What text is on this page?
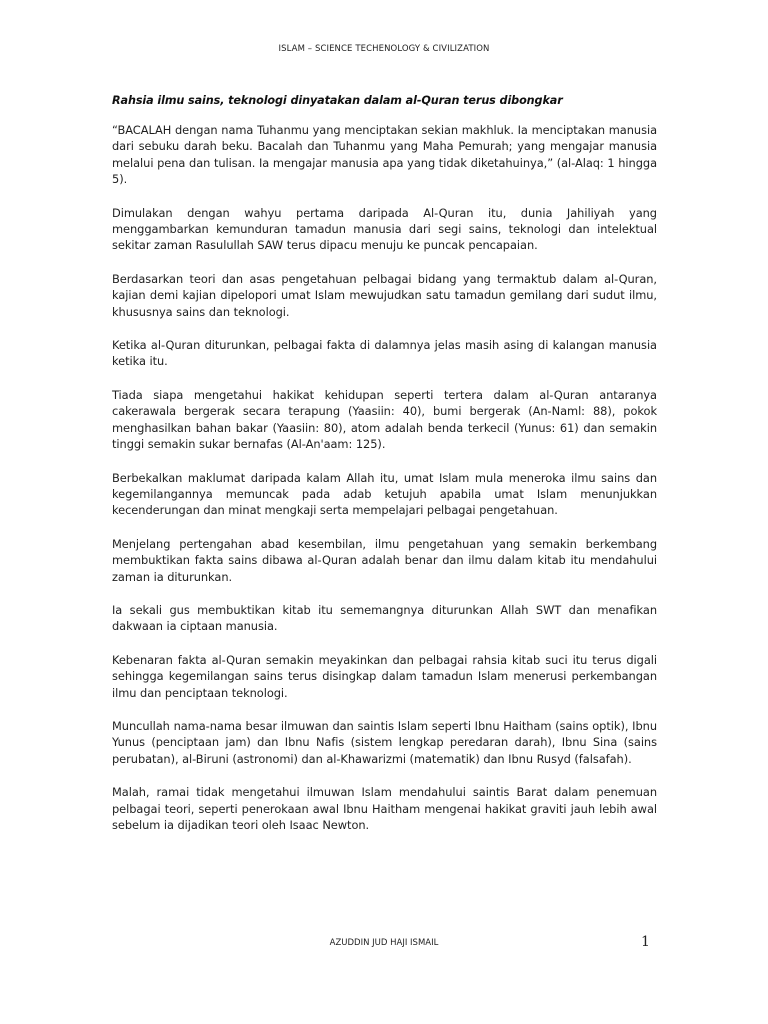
ISLAM – SCIENCE TECHENOLOGY & CIVILIZATION

Rahsia ilmu sains, teknologi dinyatakan dalam al-Quran terus dibongkar

“BACALAH dengan nama Tuhanmu yang menciptakan sekian makhluk. Ia menciptakan manusia dari sebuku darah beku. Bacalah dan Tuhanmu yang Maha Pemurah; yang mengajar manusia melalui pena dan tulisan. Ia mengajar manusia apa yang tidak diketahuinya,” (al-Alaq: 1 hingga 5).

Dimulakan dengan wahyu pertama daripada Al-Quran itu, dunia Jahiliyah yang menggambarkan kemunduran tamadun manusia dari segi sains, teknologi dan intelektual sekitar zaman Rasulullah SAW terus dipacu menuju ke puncak pencapaian.

Berdasarkan teori dan asas pengetahuan pelbagai bidang yang termaktub dalam al-Quran, kajian demi kajian dipelopori umat Islam mewujudkan satu tamadun gemilang dari sudut ilmu, khususnya sains dan teknologi.

Ketika al-Quran diturunkan, pelbagai fakta di dalamnya jelas masih asing di kalangan manusia ketika itu.

Tiada siapa mengetahui hakikat kehidupan seperti tertera dalam al-Quran antaranya cakerawala bergerak secara terapung (Yaasiin: 40), bumi bergerak (An-Naml: 88), pokok menghasilkan bahan bakar (Yaasiin: 80), atom adalah benda terkecil (Yunus: 61) dan semakin tinggi semakin sukar bernafas (Al-An'aam: 125).

Berbekalkan maklumat daripada kalam Allah itu, umat Islam mula meneroka ilmu sains dan kegemilangannya memuncak pada adab ketujuh apabila umat Islam menunjukkan kecenderungan dan minat mengkaji serta mempelajari pelbagai pengetahuan.

Menjelang pertengahan abad kesembilan, ilmu pengetahuan yang semakin berkembang membuktikan fakta sains dibawa al-Quran adalah benar dan ilmu dalam kitab itu mendahului zaman ia diturunkan.

Ia sekali gus membuktikan kitab itu sememangnya diturunkan Allah SWT dan menafikan dakwaan ia ciptaan manusia.

Kebenaran fakta al-Quran semakin meyakinkan dan pelbagai rahsia kitab suci itu terus digali sehingga kegemilangan sains terus disingkap dalam tamadun Islam menerusi perkembangan ilmu dan penciptaan teknologi.

Muncullah nama-nama besar ilmuwan dan saintis Islam seperti Ibnu Haitham (sains optik), Ibnu Yunus (penciptaan jam) dan Ibnu Nafis (sistem lengkap peredaran darah), Ibnu Sina (sains perubatan), al-Biruni (astronomi) dan al-Khawarizmi (matematik) dan Ibnu Rusyd (falsafah).

Malah, ramai tidak mengetahui ilmuwan Islam mendahului saintis Barat dalam penemuan pelbagai teori, seperti penerokaan awal Ibnu Haitham mengenai hakikat graviti jauh lebih awal sebelum ia dijadikan teori oleh Isaac Newton.

AZUDDIN JUD HAJI ISMAIL	1
